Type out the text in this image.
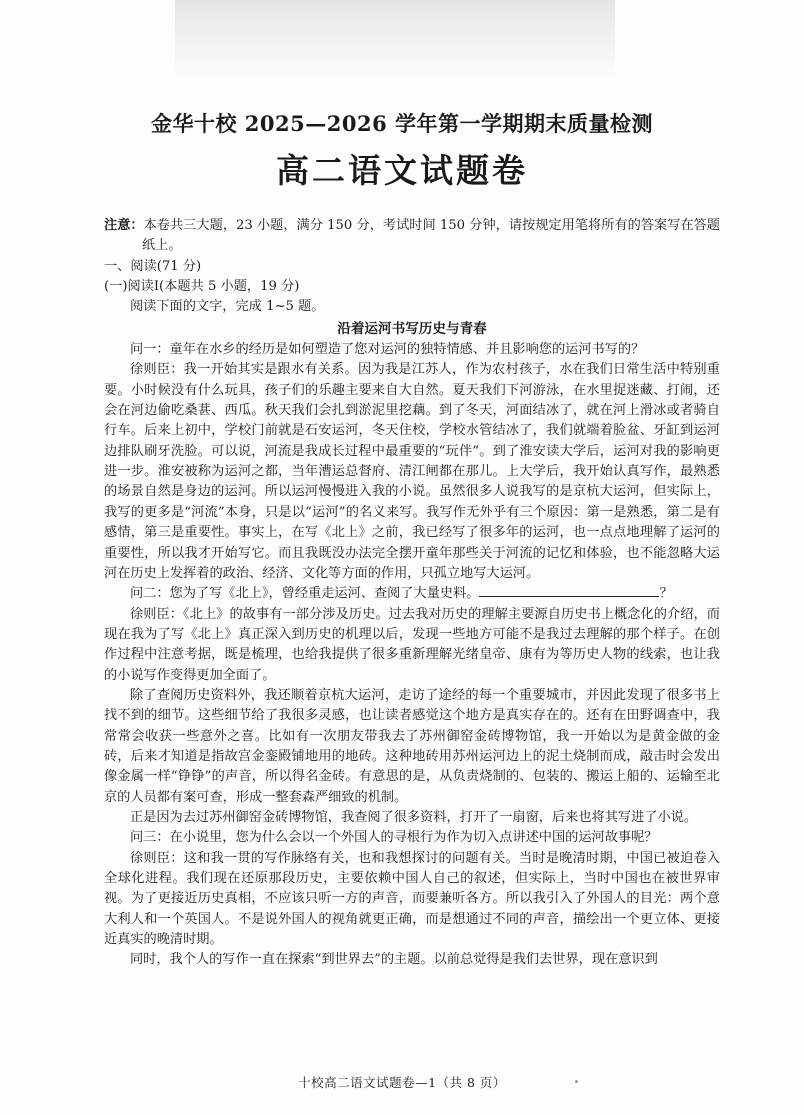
金华十校 2025—2026 学年第一学期期末质量检测
高二语文试题卷

注意：本卷共三大题，23 小题，满分 150 分，考试时间 150 分钟，请按规定用笔将所有的答案写在答题纸上。

一、阅读(71 分)

(一)阅读Ⅰ(本题共 5 小题，19 分)

阅读下面的文字，完成 1~5 题。

沿着运河书写历史与青春

问一：童年在水乡的经历是如何塑造了您对运河的独特情感、并且影响您的运河书写的？

徐则臣：我一开始其实是跟水有关系。因为我是江苏人，作为农村孩子，水在我们日常生活中特别重要。小时候没有什么玩具，孩子们的乐趣主要来自大自然。夏天我们下河游泳，在水里捉迷藏、打闹，还会在河边偷吃桑葚、西瓜。秋天我们会扎到淤泥里挖藕。到了冬天，河面结冰了，就在河上滑冰或者骑自行车。后来上初中，学校门前就是石安运河，冬天住校，学校水管结冰了，我们就端着脸盆、牙缸到运河边排队刷牙洗脸。可以说，河流是我成长过程中最重要的“玩伴”。到了淮安读大学后，运河对我的影响更进一步。淮安被称为运河之都，当年漕运总督府、清江闸都在那儿。上大学后，我开始认真写作，最熟悉的场景自然是身边的运河。所以运河慢慢进入我的小说。虽然很多人说我写的是京杭大运河，但实际上，我写的更多是“河流”本身，只是以“运河”的名义来写。我写作无外乎有三个原因：第一是熟悉，第二是有感情，第三是重要性。事实上，在写《北上》之前，我已经写了很多年的运河，也一点点地理解了运河的重要性，所以我才开始写它。而且我既没办法完全摆开童年那些关于河流的记忆和体验，也不能忽略大运河在历史上发挥着的政治、经济、文化等方面的作用，只孤立地写大运河。

问二：您为了写《北上》，曾经重走运河、查阅了大量史料。	？

徐则臣：《北上》的故事有一部分涉及历史。过去我对历史的理解主要源自历史书上概念化的介绍，而现在我为了写《北上》真正深入到历史的机理以后，发现一些地方可能不是我过去理解的那个样子。在创作过程中注意考据，既是梳理，也给我提供了很多重新理解光绪皇帝、康有为等历史人物的线索，也让我的小说写作变得更加全面了。

除了查阅历史资料外，我还顺着京杭大运河，走访了途经的每一个重要城市，并因此发现了很多书上找不到的细节。这些细节给了我很多灵感，也让读者感觉这个地方是真实存在的。还有在田野调查中，我常常会收获一些意外之喜。比如有一次朋友带我去了苏州御窑金砖博物馆，我一开始以为是黄金做的金砖，后来才知道是指故宫金銮殿铺地用的地砖。这种地砖用苏州运河边上的泥土烧制而成，敲击时会发出像金属一样“铮铮”的声音，所以得名金砖。有意思的是，从负责烧制的、包装的、搬运上船的、运输至北京的人员都有案可查，形成一整套森严细致的机制。

正是因为去过苏州御窑金砖博物馆，我查阅了很多资料，打开了一扇窗，后来也将其写进了小说。

问三：在小说里，您为什么会以一个外国人的寻根行为作为切入点讲述中国的运河故事呢？

徐则臣：这和我一贯的写作脉络有关，也和我想探讨的问题有关。当时是晚清时期，中国已被迫卷入全球化进程。我们现在还原那段历史，主要依赖中国人自己的叙述，但实际上，当时中国也在被世界审视。为了更接近历史真相，不应该只听一方的声音，而要兼听各方。所以我引入了外国人的目光：两个意大利人和一个英国人。不是说外国人的视角就更正确，而是想通过不同的声音，描绘出一个更立体、更接近真实的晚清时期。

同时，我个人的写作一直在探索“到世界去”的主题。以前总觉得是我们去世界，现在意识到

十校高二语文试题卷—1（共 8 页）
